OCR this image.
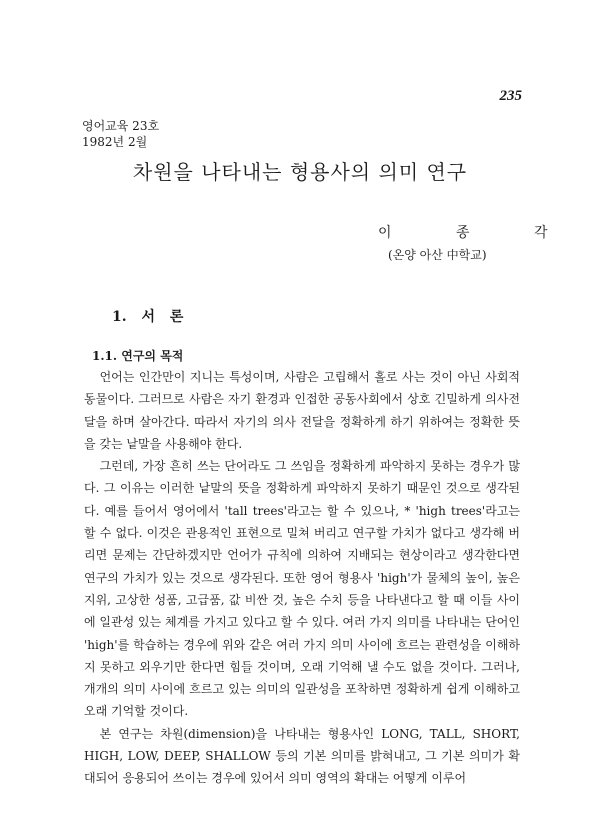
235
영어교육 23호
1982년 2월
차원을 나타내는 형용사의 의미 연구
이 종 각
(온양 아산 中학교)
1. 서 론
1.1. 연구의 목적

언어는 인간만이 지니는 특성이며, 사람은 고립해서 홀로 사는 것이 아닌 사회적 동물이다. 그러므로 사람은 자기 환경과 인접한 공동사회에서 상호 긴밀하게 의사전달을 하며 살아간다. 따라서 자기의 의사 전달을 정확하게 하기 위하여는 정확한 뜻을 갖는 낱말을 사용해야 한다.

그런데, 가장 흔히 쓰는 단어라도 그 쓰임을 정확하게 파악하지 못하는 경우가 많다. 그 이유는 이러한 낱말의 뜻을 정확하게 파악하지 못하기 때문인 것으로 생각된다. 예를 들어서 영어에서 'tall trees'라고는 할 수 있으나, * 'high trees'라고는 할 수 없다. 이것은 관용적인 표현으로 밀쳐 버리고 연구할 가치가 없다고 생각해 버리면 문제는 간단하겠지만 언어가 규칙에 의하여 지배되는 현상이라고 생각한다면 연구의 가치가 있는 것으로 생각된다. 또한 영어 형용사 'high'가 물체의 높이, 높은 지위, 고상한 성품, 고급품, 값 비싼 것, 높은 수치 등을 나타낸다고 할 때 이들 사이에 일관성 있는 체계를 가지고 있다고 할 수 있다. 여러 가지 의미를 나타내는 단어인 'high'를 학습하는 경우에 위와 같은 여러 가지 의미 사이에 흐르는 관련성을 이해하지 못하고 외우기만 한다면 힘들 것이며, 오래 기억해 낼 수도 없을 것이다. 그러나, 개개의 의미 사이에 흐르고 있는 의미의 일관성을 포착하면 정확하게 쉽게 이해하고 오래 기억할 것이다.

본 연구는 차원(dimension)을 나타내는 형용사인 LONG, TALL, SHORT, HIGH, LOW, DEEP, SHALLOW 등의 기본 의미를 밝혀내고, 그 기본 의미가 확대되어 응용되어 쓰이는 경우에 있어서 의미 영역의 확대는 어떻게 이루어
